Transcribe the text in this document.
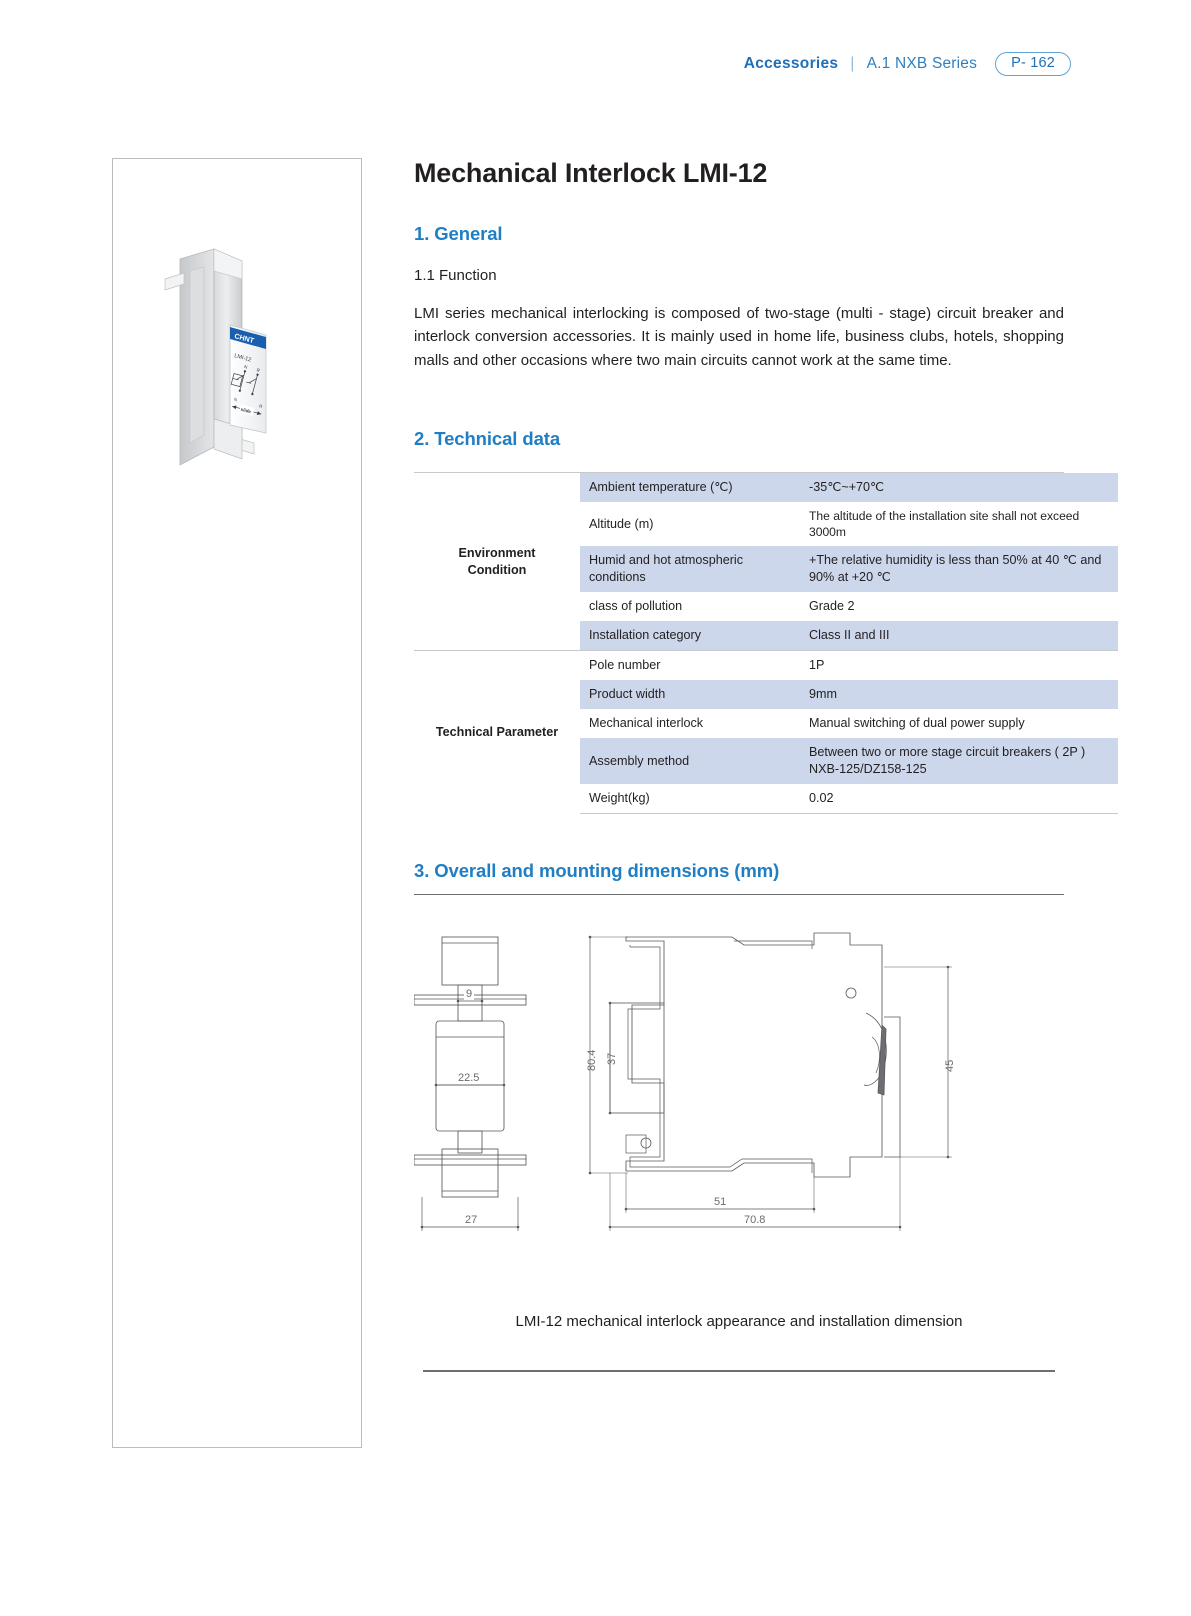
Accessories | A.1 NXB Series	P- 162
CHNT
LMI-12
N
R
N
R
slide
Mechanical Interlock LMI-12
1. General
1.1 Function

LMI series mechanical interlocking is composed of two-stage (multi - stage) circuit breaker and interlock conversion accessories. It is mainly used in home life, business clubs, hotels, shopping malls and other occasions where two main circuits cannot work at the same time.

2. Technical data
Environment
Condition	Ambient temperature (℃)	-35℃~+70℃
	Altitude (m)	The altitude of the installation site shall not exceed 3000m
	Humid and hot atmospheric conditions	+The relative humidity is less than 50% at 40 ℃ and 90% at +20 ℃
	class of pollution	Grade 2
	Installation category	Class II and III
Technical Parameter	Pole number	1P
	Product width	9mm
	Mechanical interlock	Manual switching of dual power supply
	Assembly method	Between two or more stage circuit breakers ( 2P ) NXB-125/DZ158-125
	Weight(kg)	0.02
3. Overall and mounting dimensions (mm)
9
22.5
27
80.4 37
45
51
70.8
LMI-12 mechanical interlock appearance and installation dimension
